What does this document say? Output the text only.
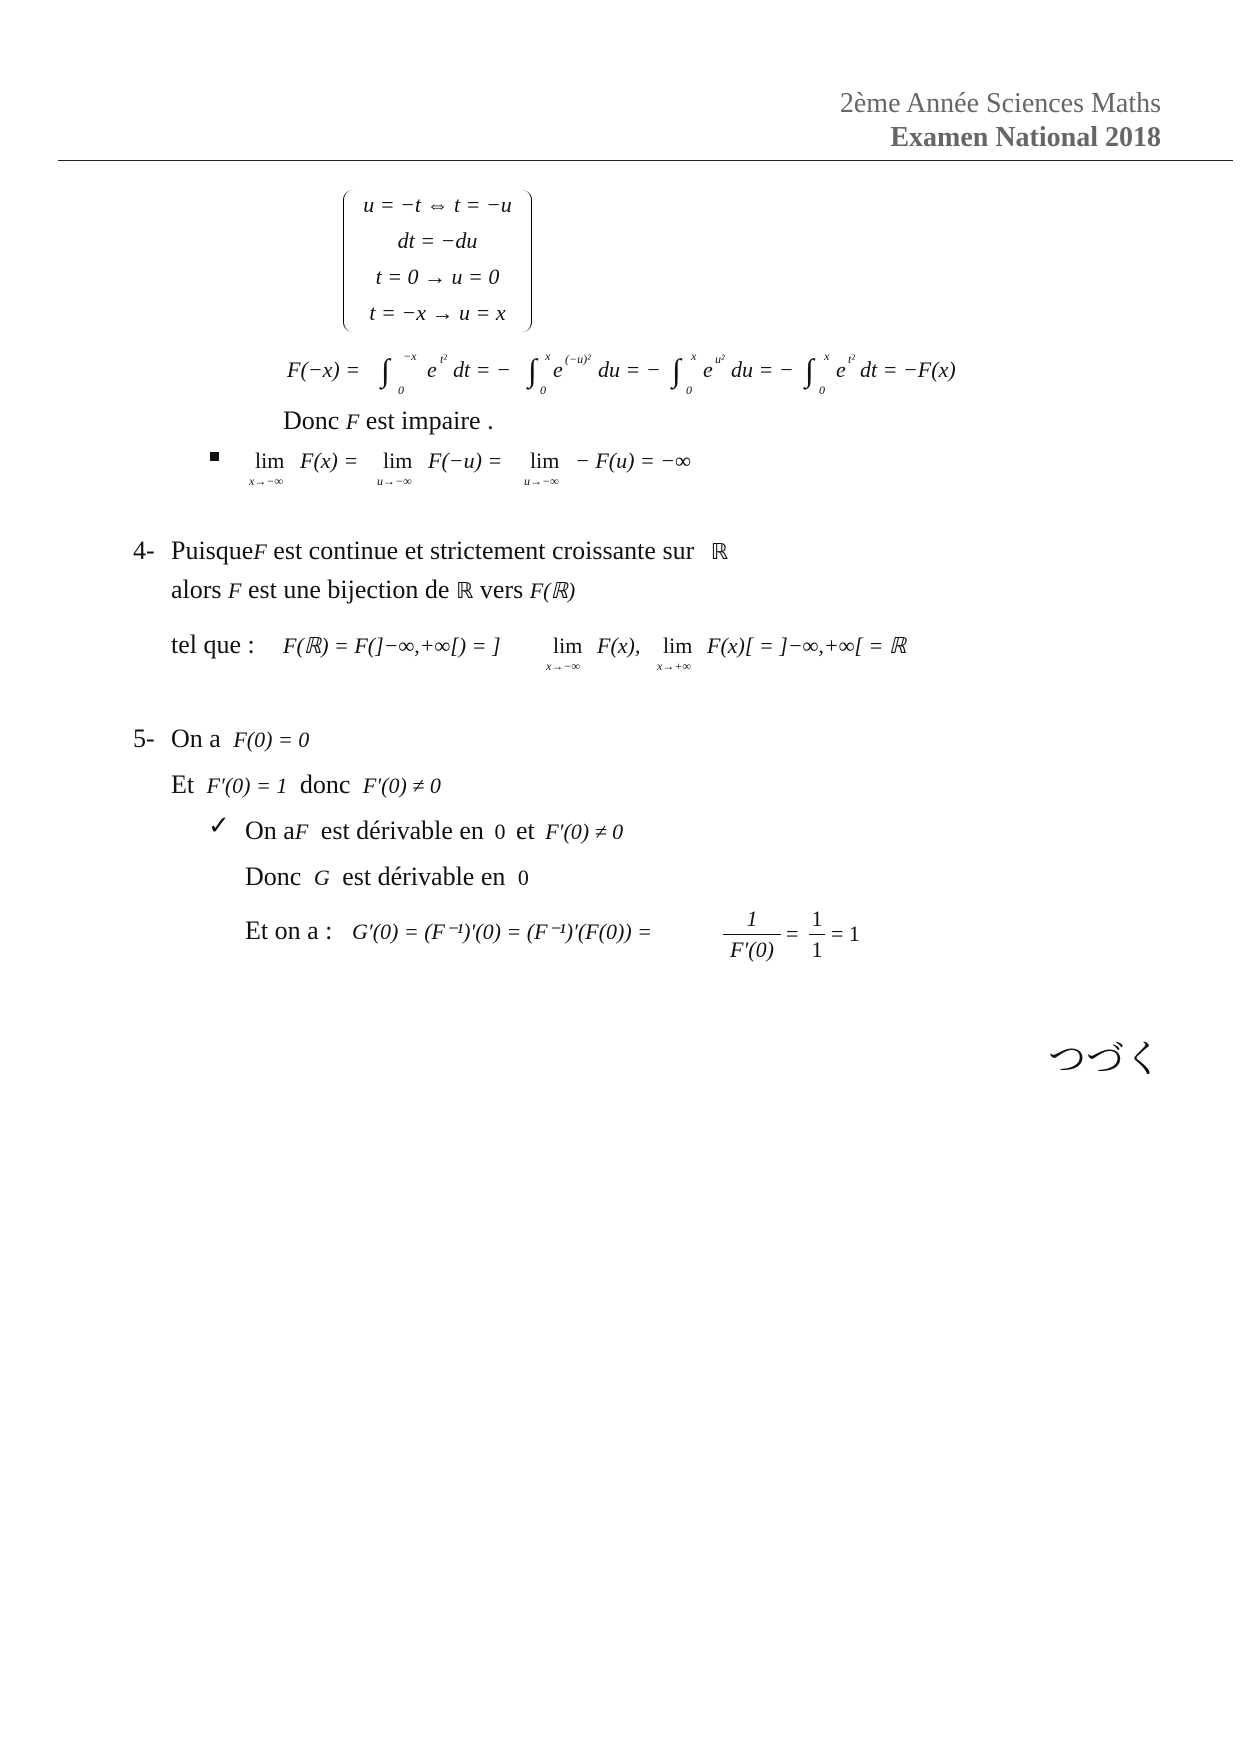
2ème Année Sciences Maths
Examen National 2018
u = −t ⇔ t = −u
dt = −du
t = 0 → u = 0
t = −x → u = x
F(−x) = ∫ −x
0
e t² dt = − ∫ x
0
e (−u)² du = − ∫ x
0
e u² du = − ∫ x
0
e t² dt = −F(x)
Donc F est impaire .
lim
x→−∞
F(x) = lim
u→−∞
F(−u) = lim
u→−∞
− F(u) = −∞
4- PuisqueF est continue et strictement croissante sur ℝ
alors F est une bijection de ℝ vers F(ℝ)
tel que : F(ℝ) = F(]−∞,+∞[) = ] lim
x→−∞
F(x), lim
x→+∞
F(x)[ = ]−∞,+∞[ = ℝ
5- On a F(0) = 0
Et F′(0) = 1 donc F′(0) ≠ 0
✓ On aF est dérivable en 0 et F′(0) ≠ 0
Donc G est dérivable en 0
Et on a : G′(0) = (F⁻¹)′(0) = (F⁻¹)′(F(0)) =
1
F′(0)
=
1
1
= 1
つづく
